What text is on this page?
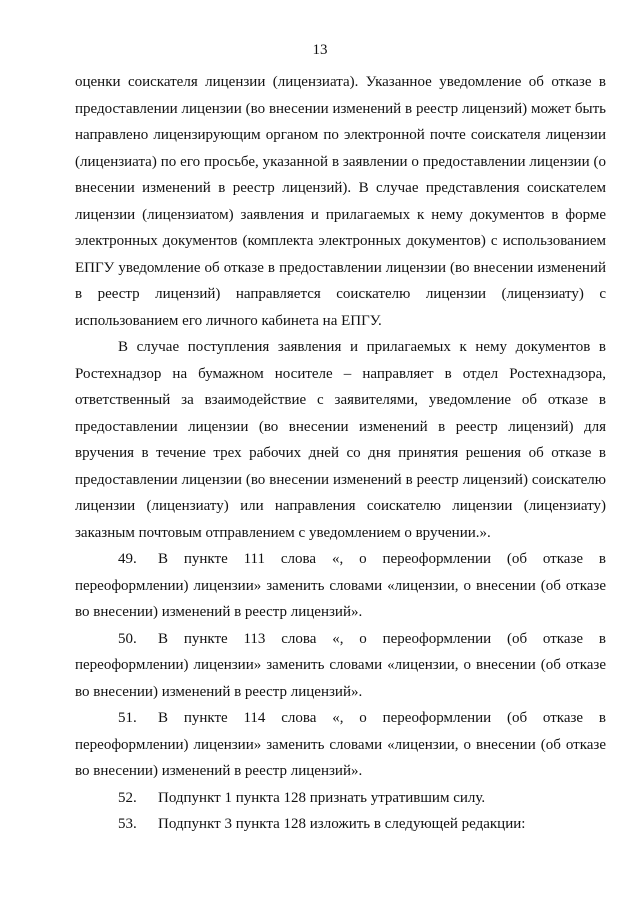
13

оценки соискателя лицензии (лицензиата). Указанное уведомление об отказе в предоставлении лицензии (во внесении изменений в реестр лицензий) может быть направлено лицензирующим органом по электронной почте соискателя лицензии (лицензиата) по его просьбе, указанной в заявлении о предоставлении лицензии (о внесении изменений в реестр лицензий). В случае представления соискателем лицензии (лицензиатом) заявления и прилагаемых к нему документов в форме электронных документов (комплекта электронных документов) с использованием ЕПГУ уведомление об отказе в предоставлении лицензии (во внесении изменений в реестр лицензий) направляется соискателю лицензии (лицензиату) с использованием его личного кабинета на ЕПГУ.

В случае поступления заявления и прилагаемых к нему документов в Ростехнадзор на бумажном носителе – направляет в отдел Ростехнадзора, ответственный за взаимодействие с заявителями, уведомление об отказе в предоставлении лицензии (во внесении изменений в реестр лицензий) для вручения в течение трех рабочих дней со дня принятия решения об отказе в предоставлении лицензии (во внесении изменений в реестр лицензий) соискателю лицензии (лицензиату) или направления соискателю лицензии (лицензиату) заказным почтовым отправлением с уведомлением о вручении.».

49. В пункте 111 слова «, о переоформлении (об отказе в переоформлении) лицензии» заменить словами «лицензии, о внесении (об отказе во внесении) изменений в реестр лицензий».

50. В пункте 113 слова «, о переоформлении (об отказе в переоформлении) лицензии» заменить словами «лицензии, о внесении (об отказе во внесении) изменений в реестр лицензий».

51. В пункте 114 слова «, о переоформлении (об отказе в переоформлении) лицензии» заменить словами «лицензии, о внесении (об отказе во внесении) изменений в реестр лицензий».

52. Подпункт 1 пункта 128 признать утратившим силу.

53. Подпункт 3 пункта 128 изложить в следующей редакции:
